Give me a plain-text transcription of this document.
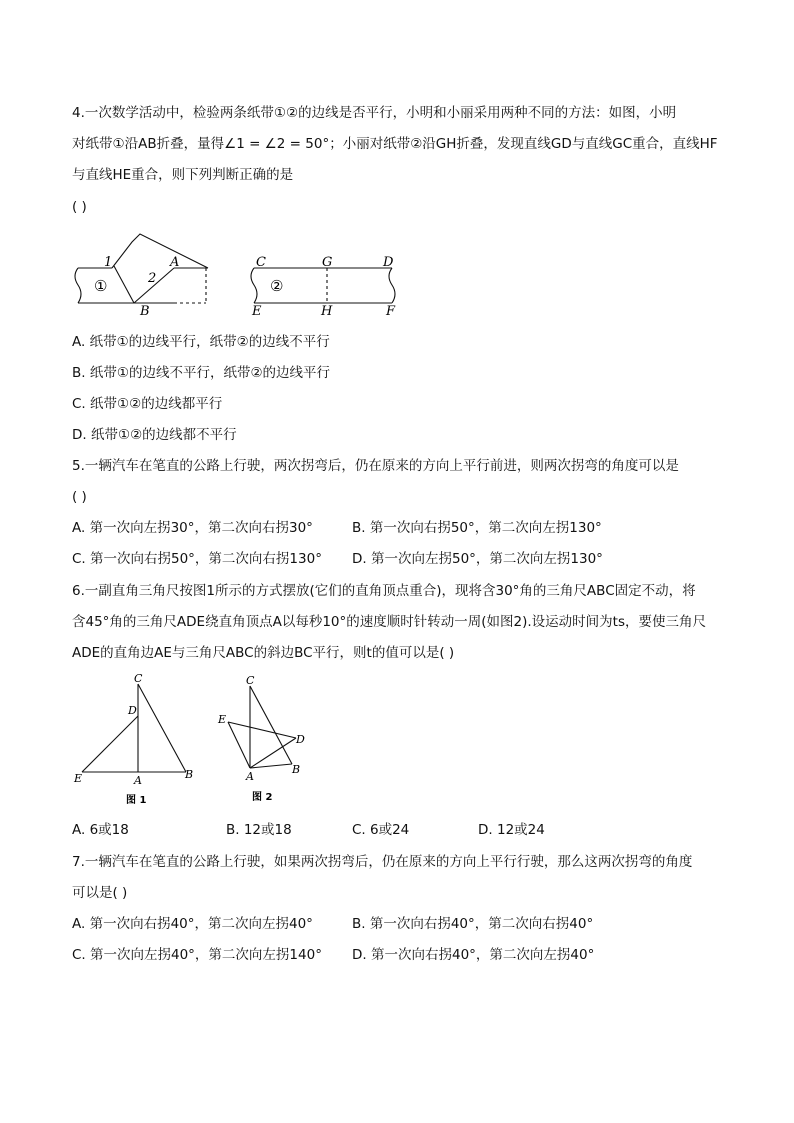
4.一次数学活动中，检验两条纸带①②的边线是否平行，小明和小丽采用两种不同的方法：如图，小明
对纸带①沿AB折叠，量得∠1 = ∠2 = 50°；小丽对纸带②沿GH折叠，发现直线GD与直线GC重合，直线HF
与直线HE重合，则下列判断正确的是
( )
1
2
A
B
①
C	G	D
E	H	F
②
A. 纸带①的边线平行，纸带②的边线不平行
B. 纸带①的边线不平行，纸带②的边线平行
C. 纸带①②的边线都平行
D. 纸带①②的边线都不平行
5.一辆汽车在笔直的公路上行驶，两次拐弯后，仍在原来的方向上平行前进，则两次拐弯的角度可以是
( )
A. 第一次向左拐30°，第二次向右拐30°	B. 第一次向右拐50°，第二次向左拐130°
C. 第一次向右拐50°，第二次向右拐130° D. 第一次向左拐50°，第二次向左拐130°
6.一副直角三角尺按图1所示的方式摆放(它们的直角顶点重合)，现将含30°角的三角尺ABC固定不动，将
含45°角的三角尺ADE绕直角顶点A以每秒10°的速度顺时针转动一周(如图2).设运动时间为ts，要使三角尺
ADE的直角边AE与三角尺ABC的斜边BC平行，则t的值可以是( )
C
D
E	A	B
图 1
C
E
D
A
B
图 2
A. 6或18	B. 12或18	C. 6或24	D. 12或24
7.一辆汽车在笔直的公路上行驶，如果两次拐弯后，仍在原来的方向上平行行驶，那么这两次拐弯的角度
可以是( )
A. 第一次向右拐40°，第二次向左拐40°	B. 第一次向右拐40°，第二次向右拐40°
C. 第一次向左拐40°，第二次向左拐140° D. 第一次向右拐40°，第二次向左拐40°
